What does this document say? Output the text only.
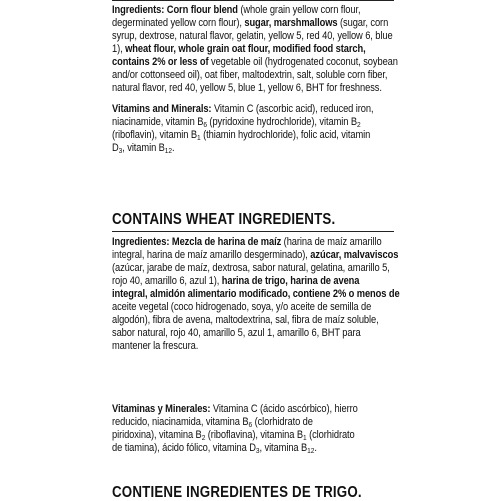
Ingredients: Corn flour blend (whole grain yellow corn flour,
degerminated yellow corn flour), sugar, marshmallows (sugar, corn
syrup, dextrose, natural flavor, gelatin, yellow 5, red 40, yellow 6, blue
1), wheat flour, whole grain oat flour, modified food starch,
contains 2% or less of vegetable oil (hydrogenated coconut, soybean
and/or cottonseed oil), oat fiber, maltodextrin, salt, soluble corn fiber,
natural flavor, red 40, yellow 5, blue 1, yellow 6, BHT for freshness.
Vitamins and Minerals: Vitamin C (ascorbic acid), reduced iron,
niacinamide, vitamin $B_6$ (pyridoxine hydrochloride), vitamin $B_2$
(riboflavin), vitamin $B_1$ (thiamin hydrochloride), folic acid, vitamin
$D_3$, vitamin $B_{12}$.
CONTAINS WHEAT INGREDIENTS.
Ingredientes: Mezcla de harina de maíz (harina de maíz amarillo
integral, harina de maíz amarillo desgerminado), azúcar, malvaviscos
(azúcar, jarabe de maíz, dextrosa, sabor natural, gelatina, amarillo 5,
rojo 40, amarillo 6, azul 1), harina de trigo, harina de avena
integral, almidón alimentario modificado, contiene 2% o menos de
aceite vegetal (coco hidrogenado, soya, y/o aceite de semilla de
algodón), fibra de avena, maltodextrina, sal, fibra de maíz soluble,
sabor natural, rojo 40, amarillo 5, azul 1, amarillo 6, BHT para
mantener la frescura.
Vitaminas y Minerales: Vitamina C (ácido ascórbico), hierro
reducido, niacinamida, vitamina $B_6$ (clorhidrato de
piridoxina), vitamina $B_2$ (riboflavina), vitamina $B_1$ (clorhidrato
de tiamina), ácido fólico, vitamina $D_3$, vitamina $B_{12}$.
CONTIENE INGREDIENTES DE TRIGO.
